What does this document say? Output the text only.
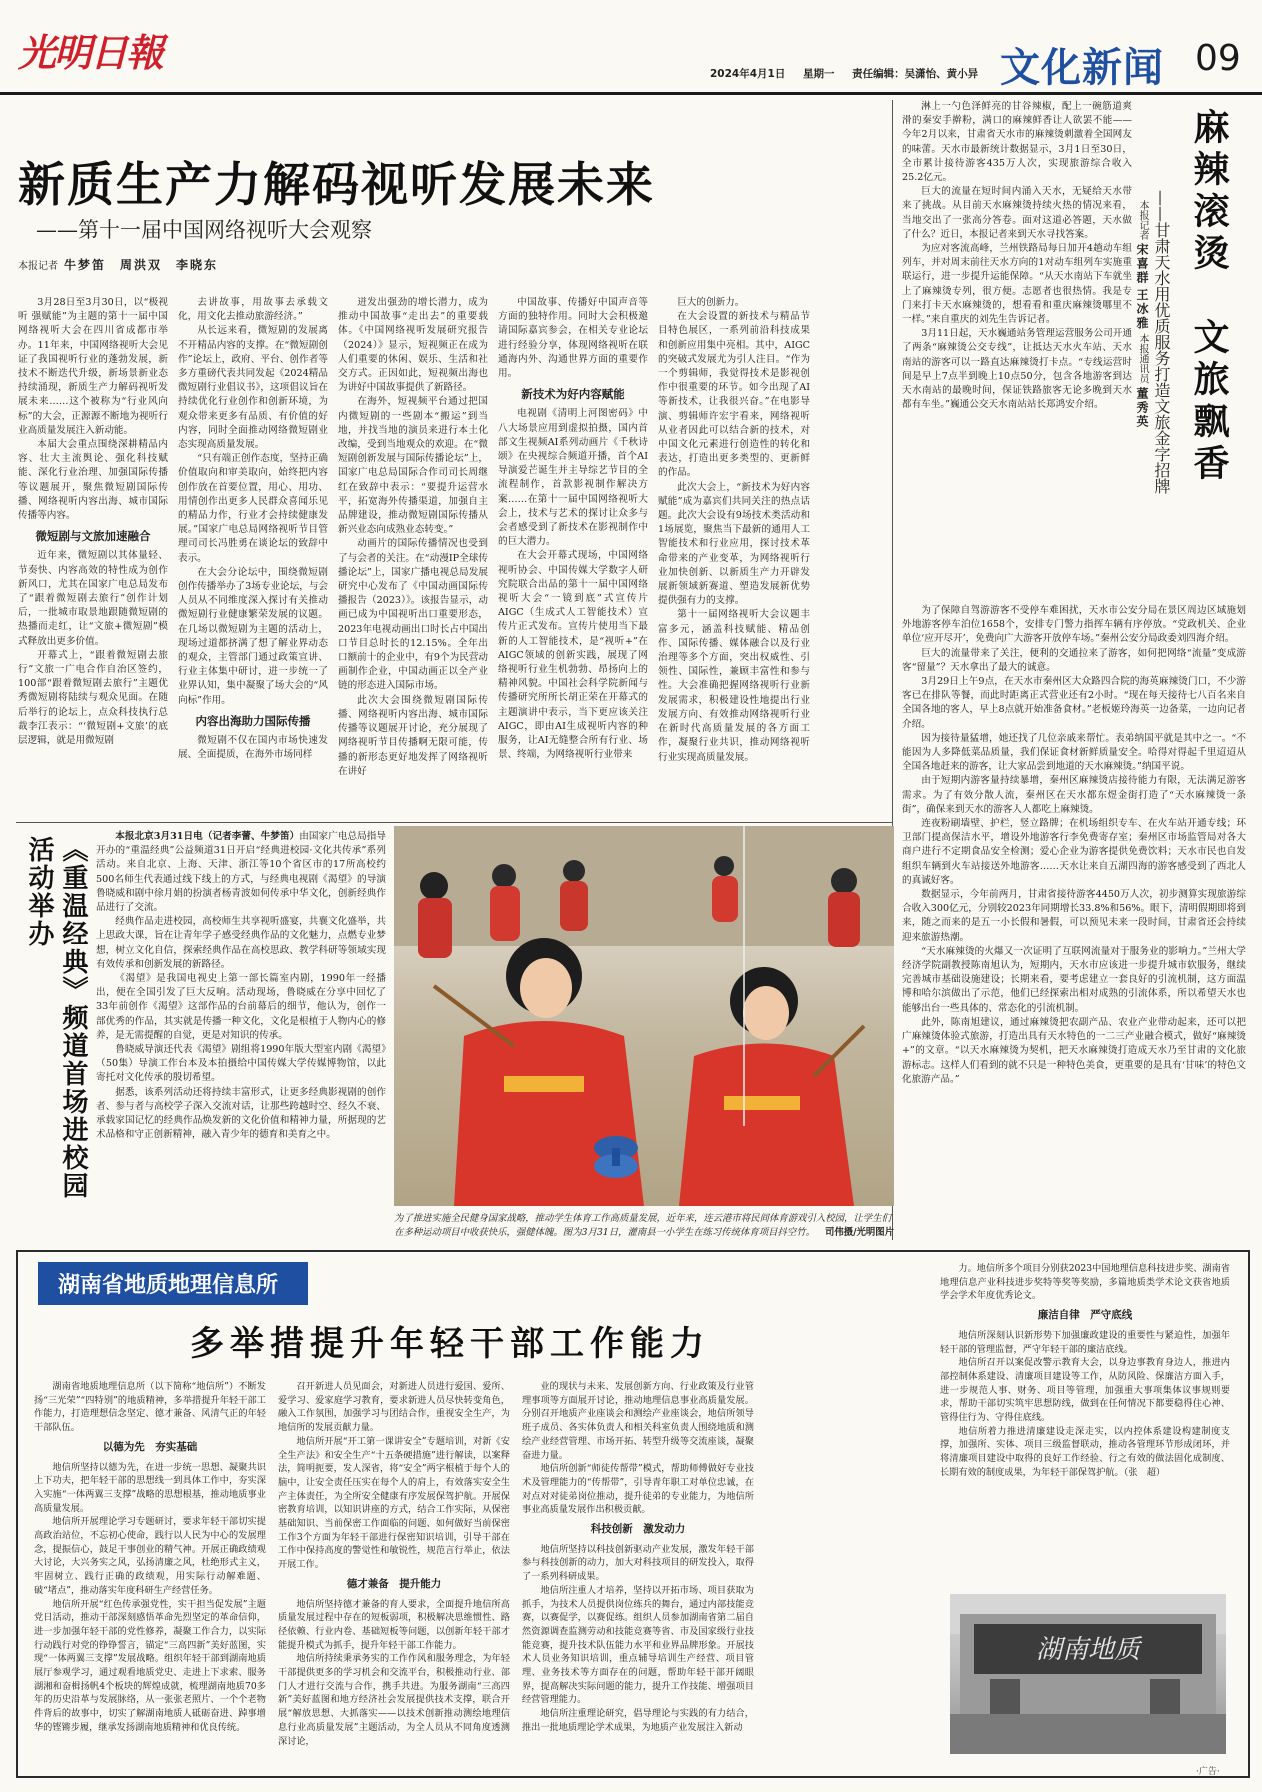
光明日報	2024年4月1日 星期一 责任编辑：吴潇怡、黄小异 文化新闻 09
新质生产力解码视听发展未来
——第十一届中国网络视听大会观察
本报记者 牛梦笛　周洪双　李晓东

3月28日至3月30日，以“极视听 强赋能”为主题的第十一届中国网络视听大会在四川省成都市举办。11年来，中国网络视听大会见证了我国视听行业的蓬勃发展，新技术不断迭代升级，新场景新业态持续涌现，新质生产力解码视听发展未来……这个被称为“行业风向标”的大会，正源源不断地为视听行业高质量发展注入新动能。

本届大会重点围绕深耕精品内容、壮大主流舆论、强化科技赋能、深化行业治理、加强国际传播等议题展开，聚焦微短剧国际传播、网络视听内容出海、城市国际传播等内容。

微短剧与文旅加速融合

近年来，微短剧以其体量轻、节奏快、内容高效的特性成为创作新风口，尤其在国家广电总局发布了“跟着微短剧去旅行”创作计划后，一批城市取景地跟随微短剧的热播而走红，让“文旅+微短剧”模式释放出更多价值。

开幕式上，“跟着微短剧去旅行”文旅一广电合作自治区签约，100部“跟着微短剧去旅行”主题优秀微短剧将陆续与观众见面。在随后举行的论坛上，点众科技执行总裁李江表示：“‘微短剧+文旅’的底层逻辑，就是用微短剧

去讲故事，用故事去承载文化，用文化去推动旅游经济。”

从长远来看，微短剧的发展离不开精品内容的支撑。在“微短剧创作”论坛上，政府、平台、创作者等多方重磅代表共同发起《2024精品微短剧行业倡议书》，这项倡议旨在持续优化行业创作和创新环境，为观众带来更多有品质、有价值的好内容，同时全面推动网络微短剧业态实现高质量发展。

“只有端正创作态度，坚持正确价值取向和审美取向，始终把内容创作放在首要位置，用心、用功、用情创作出更多人民群众喜闻乐见的精品力作，行业才会持续健康发展。”国家广电总局网络视听节目管理司司长冯胜勇在谈论坛的致辞中表示。

在大会分论坛中，围绕微短剧创作传播举办了3场专业论坛，与会人员从不同维度深入探讨有关推动微短剧行业健康繁荣发展的议题。在几场以微短剧为主题的活动上，现场过道都挤满了想了解业界动态的观众，主管部门通过政策宣讲、行业主体集中研讨，进一步统一了业界认知，集中凝聚了场大会的“风向标”作用。

内容出海助力国际传播

微短剧不仅在国内市场快速发展、全面提质，在海外市场同样

迸发出强劲的增长潜力，成为推动中国故事“走出去”的重要载体。《中国网络视听发展研究报告（2024）》显示，短视频正在成为人们重要的休闲、娱乐、生活和社交方式。正因如此，短视频出海也为讲好中国故事提供了新路径。

在海外，短视频平台通过把国内微短剧的一些剧本“搬运”到当地，并找当地的演员来进行本土化改编，受到当地观众的欢迎。在“微短剧创新发展与国际传播论坛”上，国家广电总局国际合作司司长周继红在致辞中表示：“要提升运营水平，拓宽海外传播渠道，加强自主品牌建设，推动微短剧国际传播从新兴业态向成熟业态转变。”

动画片的国际传播情况也受到了与会者的关注。在“动漫IP全球传播论坛”上，国家广播电视总局发展研究中心发布了《中国动画国际传播报告（2023）》。该报告显示，动画已成为中国视听出口重要形态，2023年电视动画出口时长占中国出口节目总时长的12.15%。全年出口额前十的企业中，有9个为民营动画制作企业，中国动画正以全产业链的形态进入国际市场。

此次大会围绕微短剧国际传播、网络视听内容出海、城市国际传播等议题展开讨论，充分展现了网络视听节目传播啊无限可能，传播的新形态更好地发挥了网络视听在讲好

中国故事、传播好中国声音等方面的独特作用。同时大会积极邀请国际嘉宾参会，在相关专业论坛进行经验分享，体现网络视听在联通海内外、沟通世界方面的重要作用。

新技术为好内容赋能

电视剧《清明上河图密码》中八大场景应用到虚拟拍摄，国内首部文生视频AI系列动画片《千秋诗颂》在央视综合频道开播，首个AI导演爱芒诞生并主导综艺节目的全流程制作，首款影视制作解决方案……在第十一届中国网络视听大会上，技术与艺术的探讨让众多与会者感受到了新技术在影视制作中的巨大潜力。

在大会开幕式现场，中国网络视听协会、中国传媒大学数字人研究院联合出品的第十一届中国网络视听大会“一镜到底”式宣传片AIGC（生成式人工智能技术）宣传片正式发布。宣传片使用当下最新的人工智能技术，是“视听+”在AIGC领域的创新实践，展现了网络视听行业生机勃勃、昂扬向上的精神风貌。中国社会科学院新闻与传播研究所所长胡正荣在开幕式的主题演讲中表示，当下更应该关注AIGC，即由AI生成视听内容的种服务，让AI无缝整合所有行业、场景、终端，为网络视听行业带来

巨大的创新力。

在大会设置的新技术与精品节目特色展区，一系列前沿科技成果和创新应用集中亮相。其中，AIGC的突破式发展尤为引人注目。“作为一个剪辑师，我觉得技术是影视创作中很重要的环节。如今出现了AI等新技术，让我很兴奋。”在电影导演、剪辑师许宏宇看来，网络视听从业者因此可以结合新的技术，对中国文化元素进行创造性的转化和表达，打造出更多类型的、更新鲜的作品。

此次大会上，“新技术为好内容赋能”成为嘉宾们共同关注的热点话题。此次大会设有9场技术类活动和1场展览，聚焦当下最新的通用人工智能技术和行业应用，探讨技术革命带来的产业变革，为网络视听行业加快创新、以新质生产力开辟发展新领域新赛道、塑造发展新优势提供强有力的支撑。

第十一届网络视听大会议题丰富多元，涵盖科技赋能、精品创作、国际传播、媒体融合以及行业治理等多个方面，突出权威性、引领性、国际性，兼顾丰富性和参与性。大会准确把握网络视听行业新发展需求，积极建设性地提出行业发展方向、有效推动网络视听行业在新时代高质量发展的各方面工作，凝聚行业共识，推动网络视听行业实现高质量发展。

淋上一勺色泽鲜亮的甘谷辣椒，配上一碗筋道爽滑的秦安手擀粉，满口的麻辣鲜香让人欲罢不能——今年2月以来，甘肃省天水市的麻辣烫刺激着全国网友的味蕾。天水市最新统计数据显示，3月1日至30日，全市累计接待游客435万人次，实现旅游综合收入25.2亿元。

巨大的流量在短时间内涌入天水，无疑给天水带来了挑战。从目前天水麻辣烫持续火热的情况来看，当地交出了一张高分答卷。面对这道必答题，天水做了什么？近日，本报记者来到天水寻找答案。

为应对客流高峰，兰州铁路局每日加开4趟动车组列车，并对周末前往天水方向的1对动车组列车实施重联运行，进一步提升运能保障。“从天水南站下车就坐上了麻辣烫专列，很方便。志愿者也很热情。我是专门来打卡天水麻辣烫的，想看看和重庆麻辣烫哪里不一样。”来自重庆的刘先生告诉记者。

3月11日起，天水巍通站务管理运营服务公司开通了两条“麻辣烫公交专线”，让抵达天水火车站、天水南站的游客可以一路直达麻辣烫打卡点。“专线运营时间是早上7点半到晚上10点50分，包含各地游客到达天水南站的最晚时间，保证铁路旅客无论多晚到天水都有车坐。”巍通公交天水南站站长郑鸿安介绍。	麻辣滚烫　文旅飘香
——甘肃天水用优质服务打造文旅金字招牌
本报记者 宋喜群 王冰雅 本报通讯员 董秀英

为了保障自驾游游客不受停车难困扰，天水市公安分局在景区周边区域施划外地游客停车泊位1658个，安排专门警力指挥车辆有序停放。“党政机关、企业单位‘应开尽开’，免费向广大游客开放停车场。”秦州公安分局政委刘四海介绍。

巨大的流量带来了关注，便利的交通拉来了游客，如何把网络“流量”变成游客“留量”？天水拿出了最大的诚意。

3月29日上午9点，在天水市秦州区大众路四合院的海英麻辣烫门口，不少游客已在排队等餐，而此时距离正式营业还有2小时。“现在每天接待七八百名来自全国各地的客人，早上8点就开始准备食材。”老板姬玲海英一边备菜，一边向记者介绍。

因为接待量猛增，她还找了几位亲戚来帮忙。表弟纳国平就是其中之一。“不能因为人多降低菜品质量，我们保证食材新鲜质量安全。哈得对得起千里迢迢从全国各地赶来的游客，让大家品尝到地道的天水麻辣烫。”纳国平说。

由于短期内游客量持续暴增，秦州区麻辣烫店接待能力有限，无法满足游客需求。为了有效分散人流，秦州区在天水都东煜金街打造了“天水麻辣烫一条街”，确保来到天水的游客人人都吃上麻辣烫。

连夜粉刷墙壁、护栏，竖立路牌；在机场组织专车、在火车站开通专线；环卫部门提高保洁水平，增设外地游客行李免费寄存室；秦州区市场监管局对各大商户进行不定期食品安全检测；爱心企业为游客提供免费饮料；天水市民也自发组织车辆到火车站接送外地游客……天水让来自五湖四海的游客感受到了西北人的真诚好客。

数据显示，今年前两月，甘肃省接待游客4450万人次，初步测算实现旅游综合收入300亿元，分别较2023年同期增长33.8%和56%。眼下，清明假期即将到来，随之而来的是五一小长假和暑假，可以预见未来一段时间，甘肃省还会持续迎来旅游热潮。

“天水麻辣烫的火爆又一次证明了互联网流量对于服务业的影响力。”兰州大学经济学院副教授陈南旭认为，短期内，天水市应该进一步提升城市软服务，继续完善城市基础设施建设；长期来看，要考虑建立一套良好的引流机制，这方面温博和哈尔滨做出了示范，他们已经探索出相对成熟的引流体系，所以希望天水也能够出台一些具体的、常态化的引流机制。

此外，陈南旭建议，通过麻辣烫把农副产品、农业产业带动起来，还可以把广麻辣烫体验式旅游，打造出具有天水特色的一二三产业融合模式，做好“麻辣烫+”的文章。“以天水麻辣烫为契机，把天水麻辣烫打造成天水乃至甘肃的文化旅游标志。这样人们看到的就不只是一种特色美食，更重要的是具有‘甘味’的特色文化旅游产品。”

《重温经典》频道首场进校园活动举办	本报北京3月31日电（记者李蕾、牛梦笛）由国家广电总局指导开办的“重温经典”公益频道31日开启“经典进校园·文化共传承”系列活动。来自北京、上海、天津、浙江等10个省区市的17所高校约500名师生代表通过线下线上的方式，与经典电视剧《渴望》的导演鲁晓威和剧中徐月娟的扮演者杨青波如何传承中华文化，创新经典作品进行了交流。

经典作品走进校园，高校师生共享视听盛宴，共襄文化盛举，共上思政大课，旨在让青年学子感受经典作品的文化魅力，点燃专业梦想，树立文化自信，探索经典作品在高校思政、教学科研等领域实现有效传承和创新发展的新路径。

《渴望》是我国电视史上第一部长篇室内剧，1990年一经播出，便在全国引发了巨大反响。活动现场，鲁晓威在分享中回忆了33年前创作《渴望》这部作品的台前幕后的细节，他认为，创作一部优秀的作品，其实就是传播一种文化，文化是根植于人物内心的修养，是无需提醒的自觉，更是对知识的传承。

鲁晓威导演还代表《渴望》剧组将1990年版大型室内剧《渴望》（50集）导演工作台本及本拍摄给中国传媒大学传媒博物馆，以此寄托对文化传承的殷切希望。

据悉，该系列活动还将持续丰富形式，让更多经典影视剧的创作者、参与者与高校学子深入交流对话，让那些跨越时空、经久不衰、承载家国记忆的经典作品焕发新的文化价值和精神力量，所据现的艺术品格和守正创新精神，融入青少年的德育和美育之中。

为了推进实施全民健身国家战略，推动学生体育工作高质量发展，近年来，连云港市将民间体育游戏引入校园，让学生们在多种运动项目中收获快乐，强健体魄。图为3月31日，灌南县一小学生在练习传统体育项目抖空竹。 司伟摄/光明图片
湖南省地质地理信息所
多举措提升年轻干部工作能力

湖南省地质地理信息所（以下简称“地信所”）不断发扬“三光荣”“四特别”的地质精神，多举措提升年轻干部工作能力，打造理想信念坚定、德才兼备、风清气正的年轻干部队伍。

以德为先　夯实基础

地信所坚持以德为先，在进一步统一思想、凝聚共识上下功夫，把年轻干部的思想线一到具体工作中，夯实深入实施“一体两翼三支撑”战略的思想根基，推动地质事业高质量发展。

地信所开展理论学习专题研讨，要求年轻干部切实提高政治站位，不忘初心使命，践行以人民为中心的发展理念，提振信心，鼓足干事创业的精气神。开展正确政绩观大讨论，大兴务实之风，弘扬清廉之风，杜绝形式主义，牢固树立、践行正确的政绩观，用实际行动解难题、破“堵点”，推动落实年度科研生产经营任务。

地信所开展“红色传承强党性，实干担当促发展”主题党日活动，推动干部深刻感悟革命先烈坚定的革命信仰，进一步加强年轻干部的党性修养，凝聚工作合力，以实际行动践行对党的铮铮誓言，锚定“三高四新”美好蓝图，实现“一体两翼三支撑”发展战略。组织年轻干部到湖南地质展厅参观学习，通过观看地质党史、走进上下求索、服务湖湘和奋楫扬帆4个板块的辉煌成就，梳理湖南地质70多年的历史沿革与发展脉络，从一张张老照片、一个个老物件背后的故事中，切实了解湖南地质人砥砺奋进、踔事增华的铿锵步履，继承发扬湖南地质精神和优良传统。

召开新进人员见面会，对新进人员进行爱国、爱所、爱学习、爱家庭学习教育，要求新进人员尽快转变角色，融入工作氛围，加强学习与团结合作，重视安全生产，为地信所的发展贡献力量。

地信所开展“开工第一课讲安全”专题培训，对新《安全生产法》和安全生产“十五条硬措施”进行解读，以案释法，简明扼要，发人深省，将“安全”两字根植于每个人的脑中，让安全责任压实在每个人的肩上，有效落实安全生产主体责任，为全所安全健康有序发展保驾护航。开展保密教育培训，以知识讲座的方式，结合工作实际，从保密基础知识、当前保密工作面临的问题、如何做好当前保密工作3个方面为年轻干部进行保密知识培训，引导干部在工作中保持高度的警觉性和敏锐性，规范言行举止，依法开展工作。

德才兼备　提升能力

地信所坚持德才兼备的育人要求，全面提升地信所高质量发展过程中存在的短板弱项，积极解决思维惯性、路径依赖、行业内卷、基础短板等问题，以创新年轻干部才能提升模式为抓手，提升年轻干部工作能力。

地信所持续秉承务实的工作作风和服务理念，为年轻干部提供更多的学习机会和交流平台，积极推动行业、部门人才进行交流与合作，携手共进。为服务湖南“三高四新”美好蓝图和地方经济社会发展提供技术支撑，联合开展“解放思想、大抓落实——以技术创新推动测绘地理信息行业高质量发展”主题活动，为全人员从不同角度透测深讨论，

业的现状与未来、发展创新方向、行业政策及行业管理事项等方面展开讨论，推动地理信息事业高质量发展。分别召开地质产业座谈会和测绘产业座谈会，地信所领导班子成员、各实体负责人和相关科室负责人围绕地质和测绘产业经营管理、市场开拓、转型升级等交流座谈，凝聚奋进力量。

地信所创新“师徒传帮带”模式，帮助师傅做好专业技术及管理能力的“传帮带”，引导青年职工对单位忠诚，在对点对对徒弟岗位推动，提升徒弟的专业能力，为地信所事业高质量发展作出积极贡献。

科技创新　激发动力

地信所坚持以科技创新驱动产业发展，激发年轻干部参与科技创新的动力，加大对科技项目的研发投入，取得了一系列科研成果。

地信所注重人才培养，坚持以开拓市场、项目获取为抓手，为技术人员提供岗位练兵的舞台，通过内部技能竞赛，以赛促学，以赛促练。组织人员参加湖南省第二届自然资源调查监测劳动和技能竞赛等省、市及国家级行业技能竞赛，提升技术队伍能力水平和业界品牌形象。开展技术人员业务知识培训，重点辅导培训生产经营、项目管理、业务技术等方面存在的问题，帮助年轻干部开阔眼界，提高解决实际问题的能力，提升工作技能、增强项目经营管理能力。

地信所注重理论研究，倡导理论与实践的有力结合，推出一批地质理论学术成果，为地质产业发展注入新动

力。地信所多个项目分别获2023中国地理信息科技进步奖、湖南省地理信息产业科技进步奖特等奖等奖励，多篇地质类学术论文获省地质学会学术年度优秀论文。

廉洁自律　严守底线

地信所深刻认识新形势下加强廉政建设的重要性与紧迫性，加强年轻干部的管理监督，严守年轻干部的廉洁底线。

地信所召开以案促改警示教育大会，以身边事教育身边人，推进内部控制体系建设、清廉项目建设等工作，从防风险、保廉洁方面入手，进一步规范人事、财务、项目等管理，加强重大事项集体议事规则要求，帮助干部切实筑牢思想防线，做到在任何情况下都要稳得住心神、管得住行为、守得住底线。

地信所着力推进清廉建设走深走实，以内控体系建设构建制度支撑，加强所、实体、项目三级监督联动，推动各管理环节形成闭环，并将清廉项目建设中取得的良好工作经验、行之有效的做法固化成制度、长期有效的制度成果，为年轻干部保驾护航。（张　超）

湖南地质
·广告·
